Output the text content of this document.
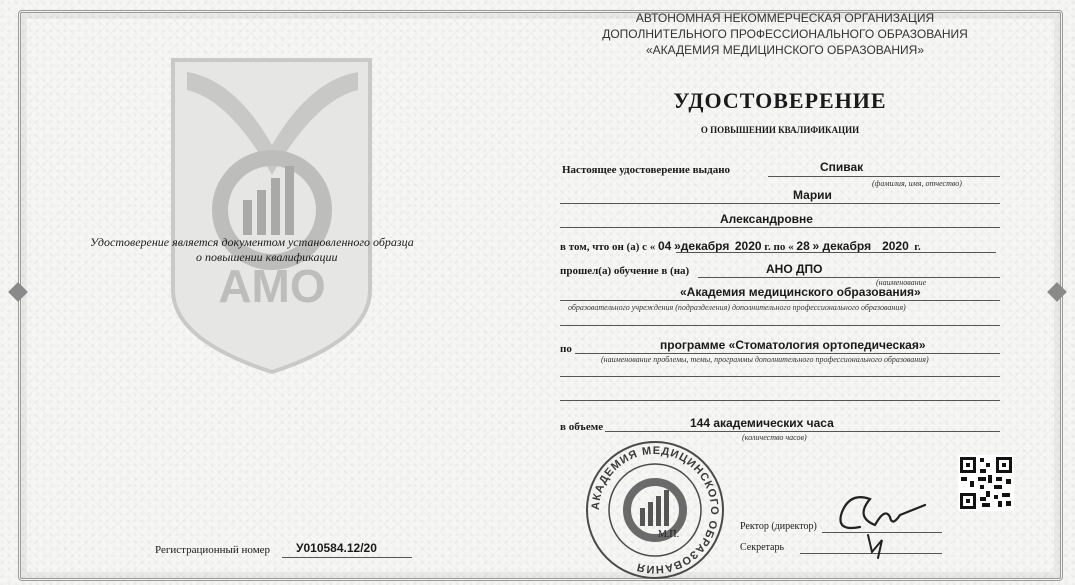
AMO
Удостоверение является документом установленного образца
о повышении квалификации
Регистрационный номер У010584.12/20
АВТОНОМНАЯ НЕКОММЕРЧЕСКАЯ ОРГАНИЗАЦИЯ
ДОПОЛНИТЕЛЬНОГО ПРОФЕССИОНАЛЬНОГО ОБРАЗОВАНИЯ
«АКАДЕМИЯ МЕДИЦИНСКОГО ОБРАЗОВАНИЯ»
УДОСТОВЕРЕНИЕ
О ПОВЫШЕНИИ КВАЛИФИКАЦИИ
Настоящее удостоверение выдано	Спивак
(фамилия, имя, отчество)
Марии
Александровне
в том, что он (а) с « 04 »декабря 2020 г. по « 28 » декабря 2020 г.
прошел(а) обучение в (на)	АНО ДПО
(наименование
«Академия медицинского образования»
образовательного учреждения (подразделения) дополнительного профессионального образования)
по	программе «Стоматология ортопедическая»
(наименование проблемы, темы, программы дополнительного профессионального образования)
в объеме	144 академических часа
(количество часов)
АКАДЕМИЯ МЕДИЦИНСКОГО ОБРАЗОВАНИЯ
М.П.
Ректор (директор)
Секретарь
